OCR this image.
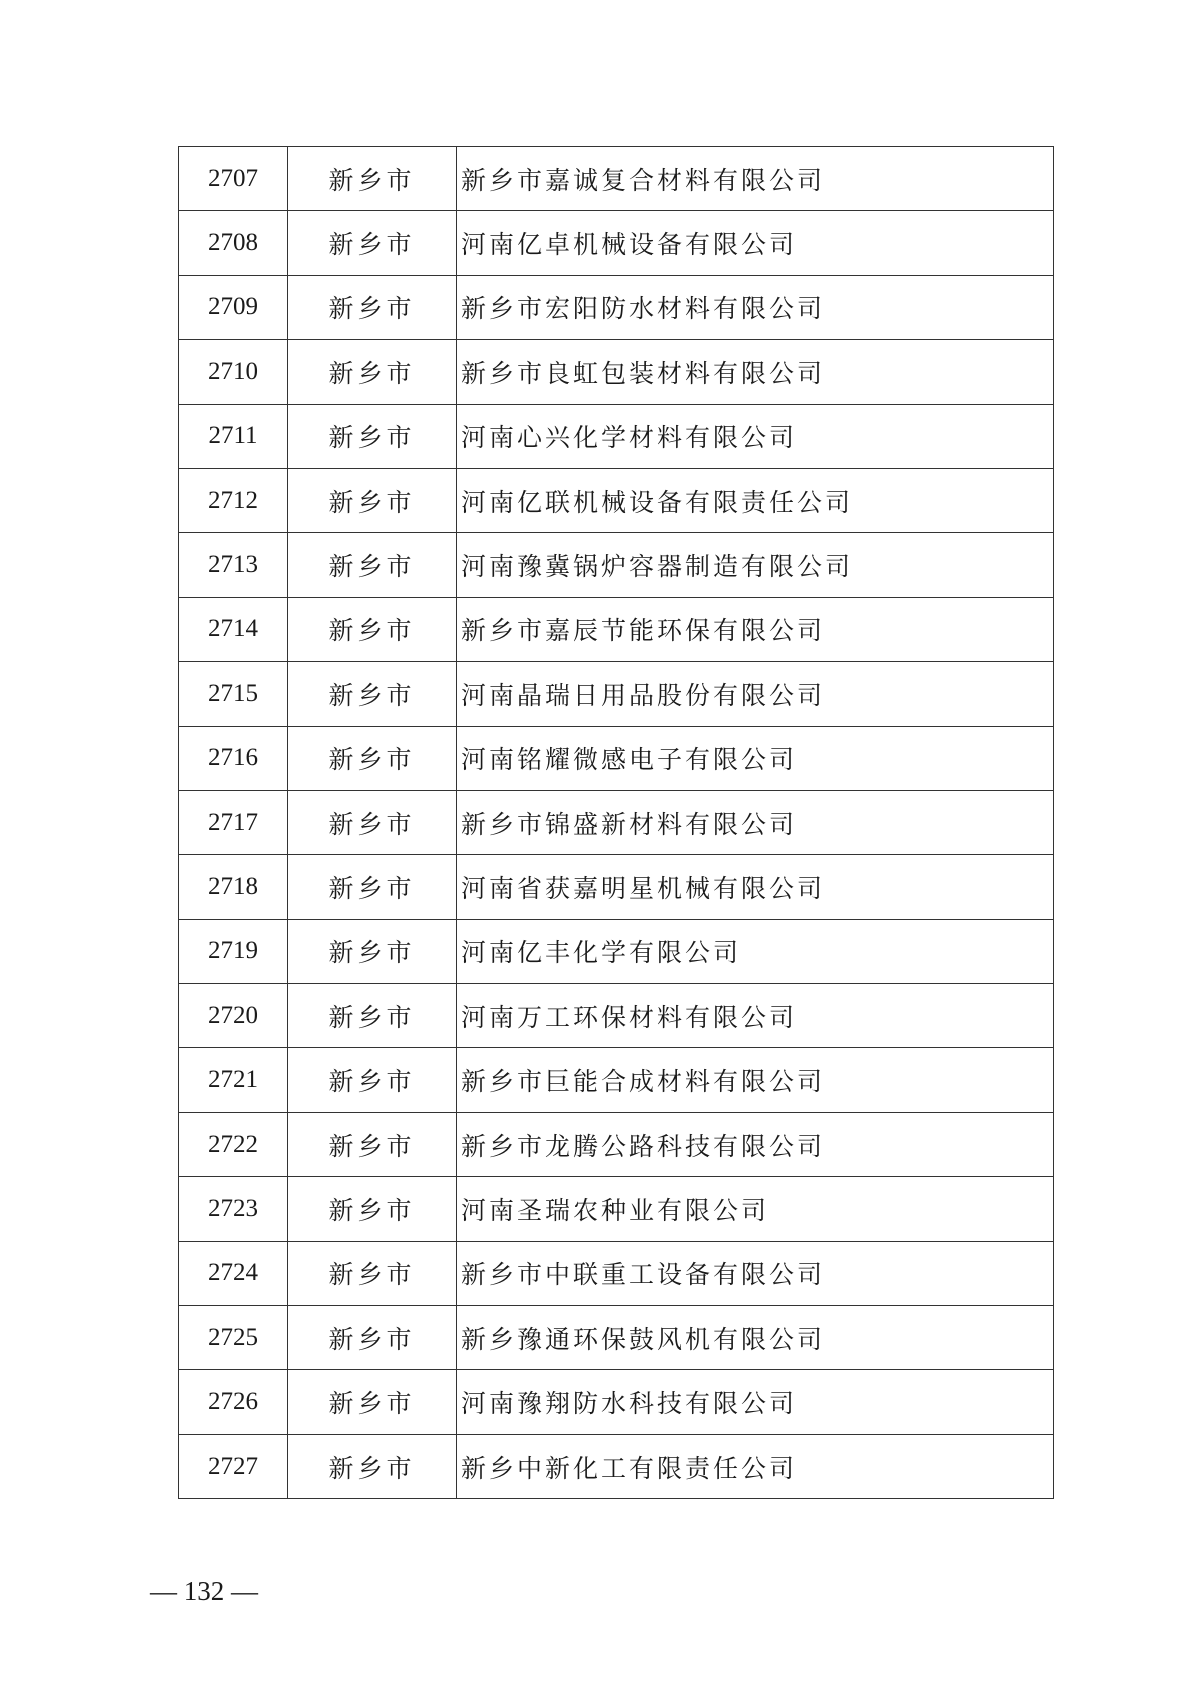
2707	新乡市	新乡市嘉诚复合材料有限公司
2708	新乡市	河南亿卓机械设备有限公司
2709	新乡市	新乡市宏阳防水材料有限公司
2710	新乡市	新乡市良虹包装材料有限公司
2711	新乡市	河南心兴化学材料有限公司
2712	新乡市	河南亿联机械设备有限责任公司
2713	新乡市	河南豫冀锅炉容器制造有限公司
2714	新乡市	新乡市嘉辰节能环保有限公司
2715	新乡市	河南晶瑞日用品股份有限公司
2716	新乡市	河南铭耀微感电子有限公司
2717	新乡市	新乡市锦盛新材料有限公司
2718	新乡市	河南省获嘉明星机械有限公司
2719	新乡市	河南亿丰化学有限公司
2720	新乡市	河南万工环保材料有限公司
2721	新乡市	新乡市巨能合成材料有限公司
2722	新乡市	新乡市龙腾公路科技有限公司
2723	新乡市	河南圣瑞农种业有限公司
2724	新乡市	新乡市中联重工设备有限公司
2725	新乡市	新乡豫通环保鼓风机有限公司
2726	新乡市	河南豫翔防水科技有限公司
2727	新乡市	新乡中新化工有限责任公司
— 132 —
